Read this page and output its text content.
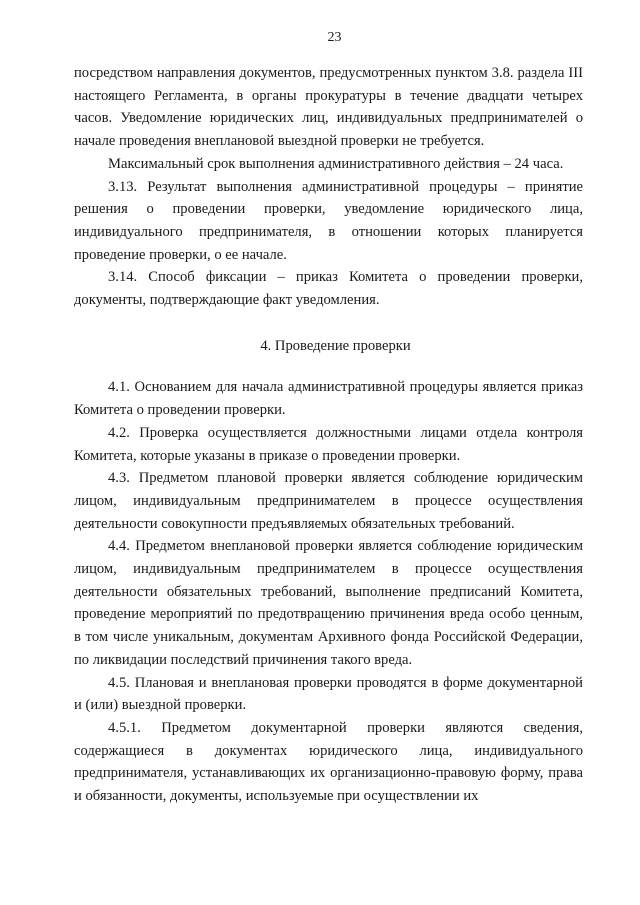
23

посредством направления документов, предусмотренных пунктом 3.8. раздела III настоящего Регламента, в органы прокуратуры в течение двадцати четырех часов. Уведомление юридических лиц, индивидуальных предпринимателей о начале проведения внеплановой выездной проверки не требуется.

Максимальный срок выполнения административного действия – 24 часа.

3.13. Результат выполнения административной процедуры – принятие решения о проведении проверки, уведомление юридического лица, индивидуального предпринимателя, в отношении которых планируется проведение проверки, о ее начале.

3.14. Способ фиксации – приказ Комитета о проведении проверки, документы, подтверждающие факт уведомления.

4. Проведение проверки

4.1. Основанием для начала административной процедуры является приказ Комитета о проведении проверки.

4.2. Проверка осуществляется должностными лицами отдела контроля Комитета, которые указаны в приказе о проведении проверки.

4.3. Предметом плановой проверки является соблюдение юридическим лицом, индивидуальным предпринимателем в процессе осуществления деятельности совокупности предъявляемых обязательных требований.

4.4. Предметом внеплановой проверки является соблюдение юридическим лицом, индивидуальным предпринимателем в процессе осуществления деятельности обязательных требований, выполнение предписаний Комитета, проведение мероприятий по предотвращению причинения вреда особо ценным, в том числе уникальным, документам Архивного фонда Российской Федерации, по ликвидации последствий причинения такого вреда.

4.5. Плановая и внеплановая проверки проводятся в форме документарной и (или) выездной проверки.

4.5.1. Предметом документарной проверки являются сведения, содержащиеся в документах юридического лица, индивидуального предпринимателя, устанавливающих их организационно-правовую форму, права и обязанности, документы, используемые при осуществлении их
